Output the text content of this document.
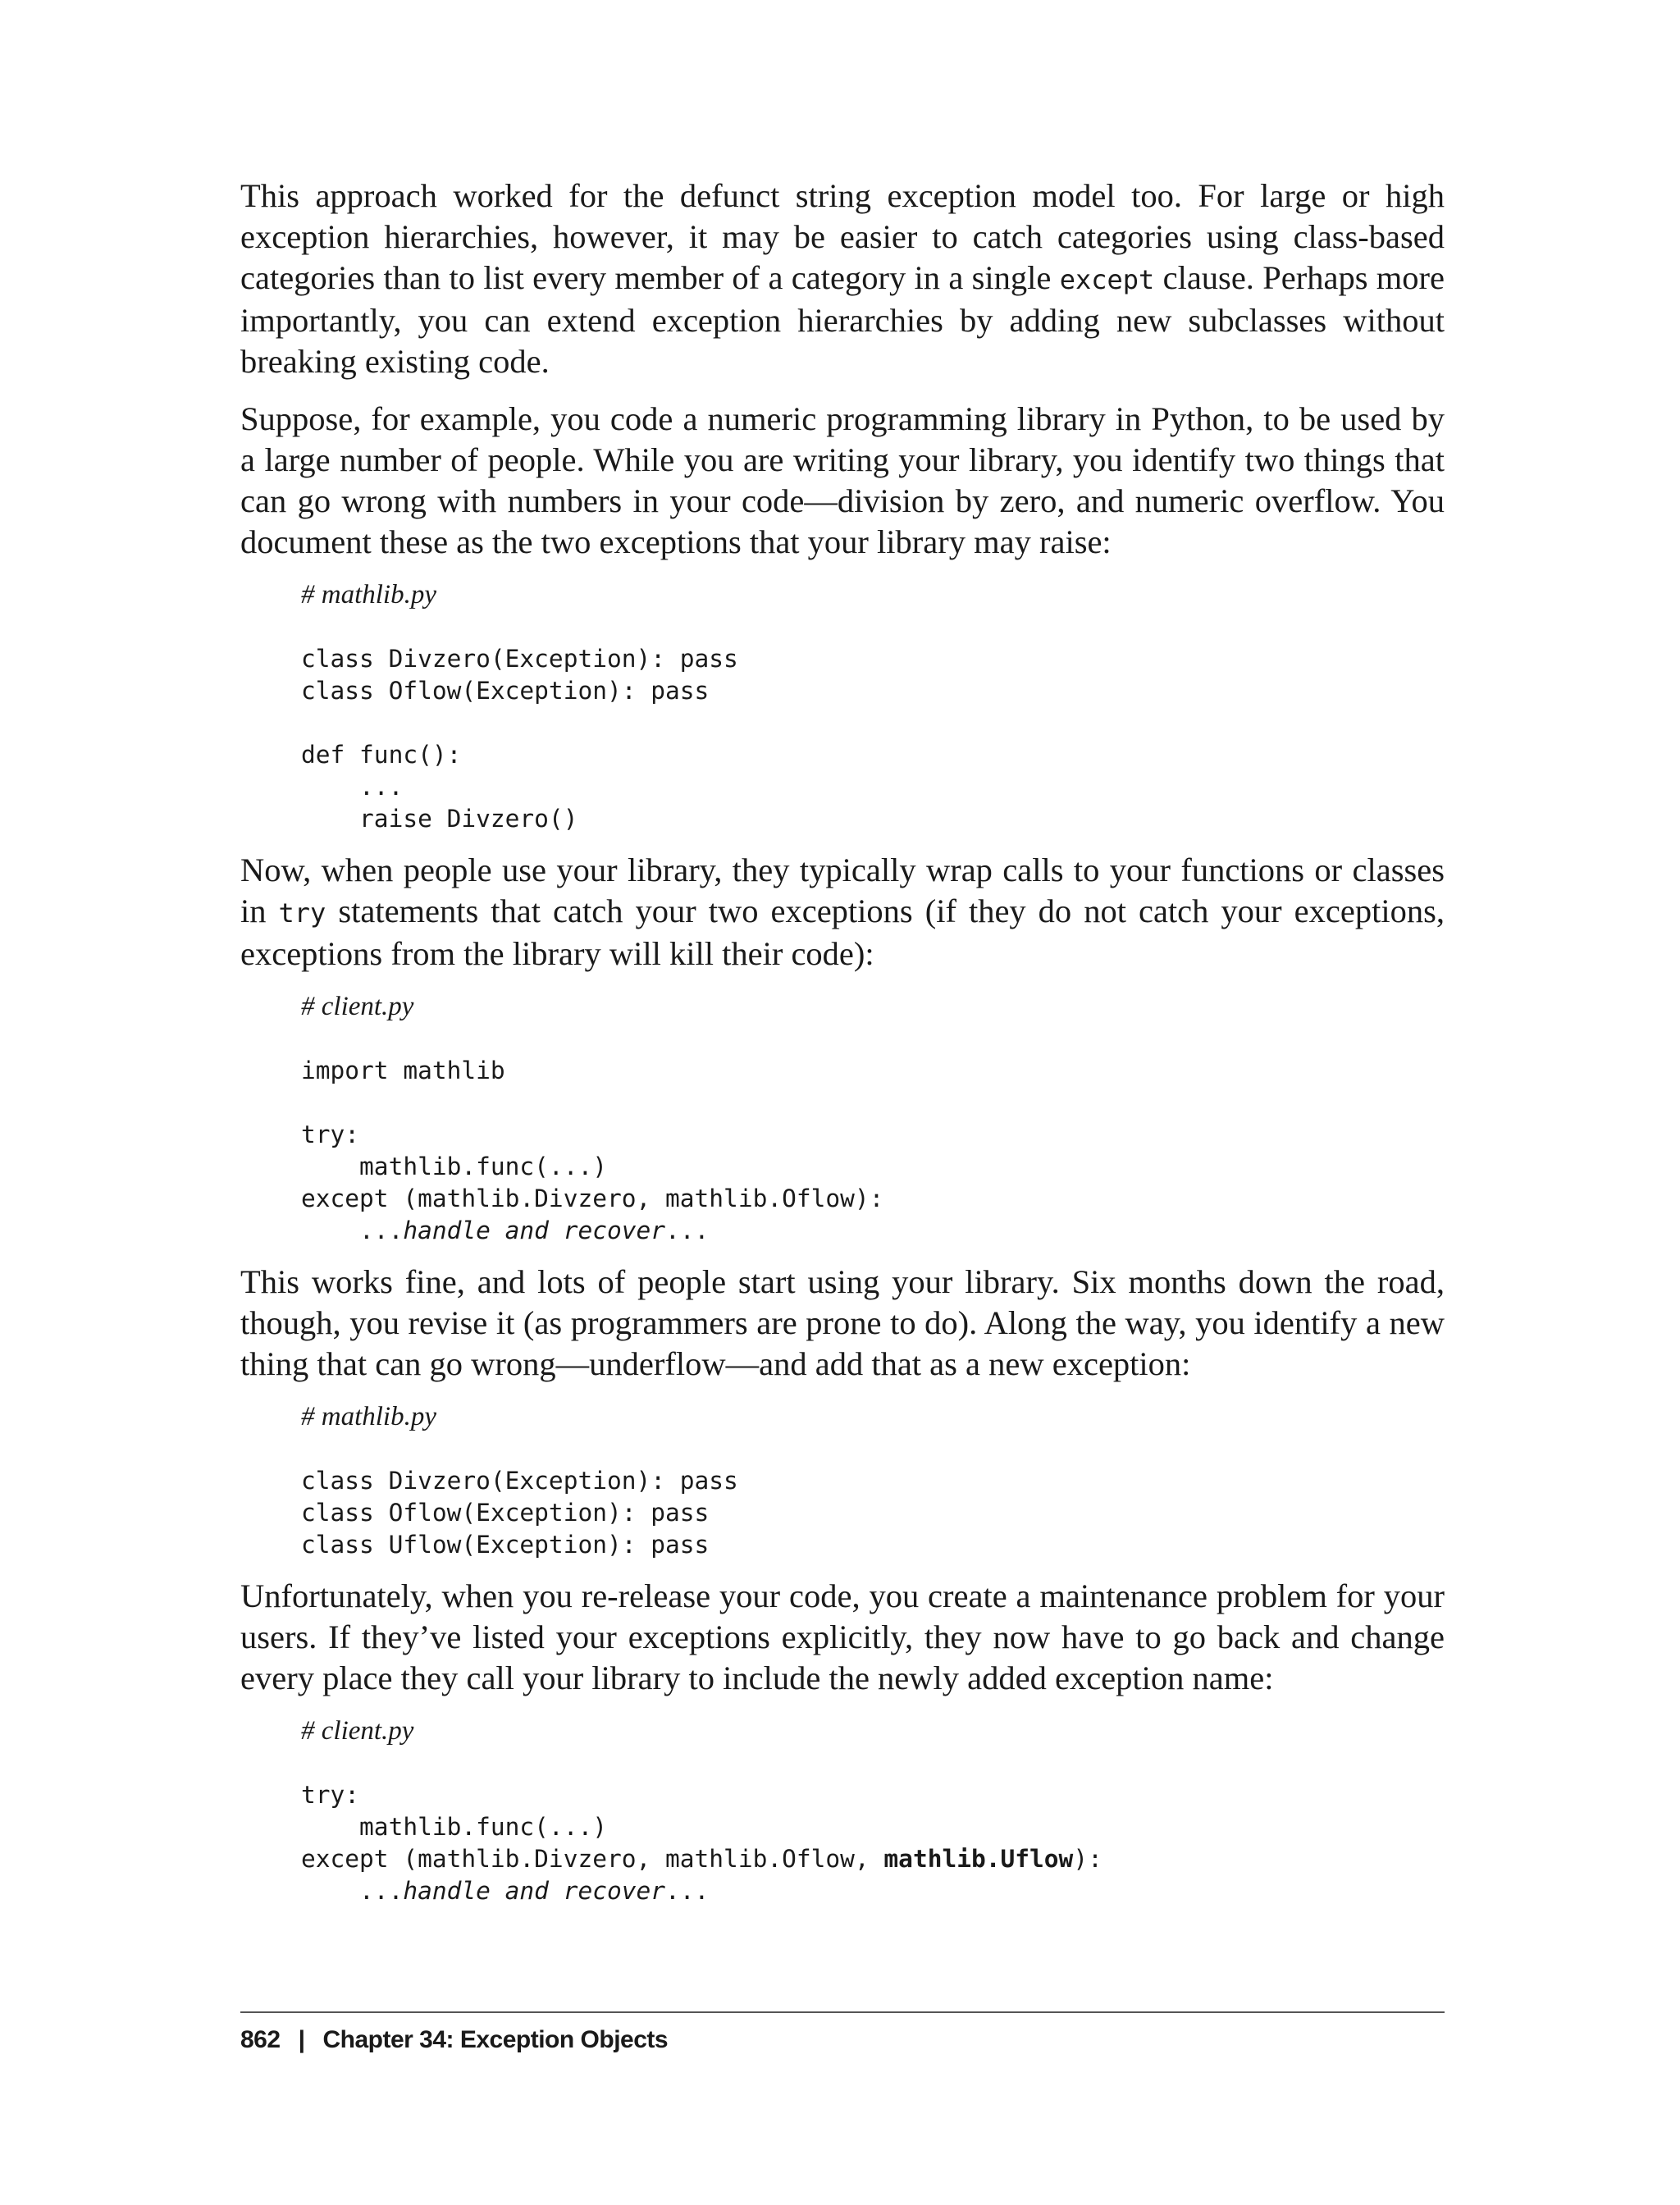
This approach worked for the defunct string exception model too. For large or high exception hierarchies, however, it may be easier to catch categories using class-based categories than to list every member of a category in a single except clause. Perhaps more importantly, you can extend exception hierarchies by adding new subclasses without breaking existing code.

Suppose, for example, you code a numeric programming library in Python, to be used by a large number of people. While you are writing your library, you identify two things that can go wrong with numbers in your code—division by zero, and numeric overflow. You document these as the two exceptions that your library may raise:

# mathlib.py

class Divzero(Exception): pass
class Oflow(Exception): pass

def func():
...
raise Divzero()

Now, when people use your library, they typically wrap calls to your functions or classes in try statements that catch your two exceptions (if they do not catch your exceptions, exceptions from the library will kill their code):

# client.py

import mathlib

try:
mathlib.func(...)
except (mathlib.Divzero, mathlib.Oflow):
...handle and recover...

This works fine, and lots of people start using your library. Six months down the road, though, you revise it (as programmers are prone to do). Along the way, you identify a new thing that can go wrong—underflow—and add that as a new exception:

# mathlib.py

class Divzero(Exception): pass
class Oflow(Exception): pass
class Uflow(Exception): pass

Unfortunately, when you re-release your code, you create a maintenance problem for your users. If they’ve listed your exceptions explicitly, they now have to go back and change every place they call your library to include the newly added exception name:

# client.py

try:
mathlib.func(...)
except (mathlib.Divzero, mathlib.Oflow, mathlib.Uflow):
...handle and recover...
862 | Chapter 34: Exception Objects
